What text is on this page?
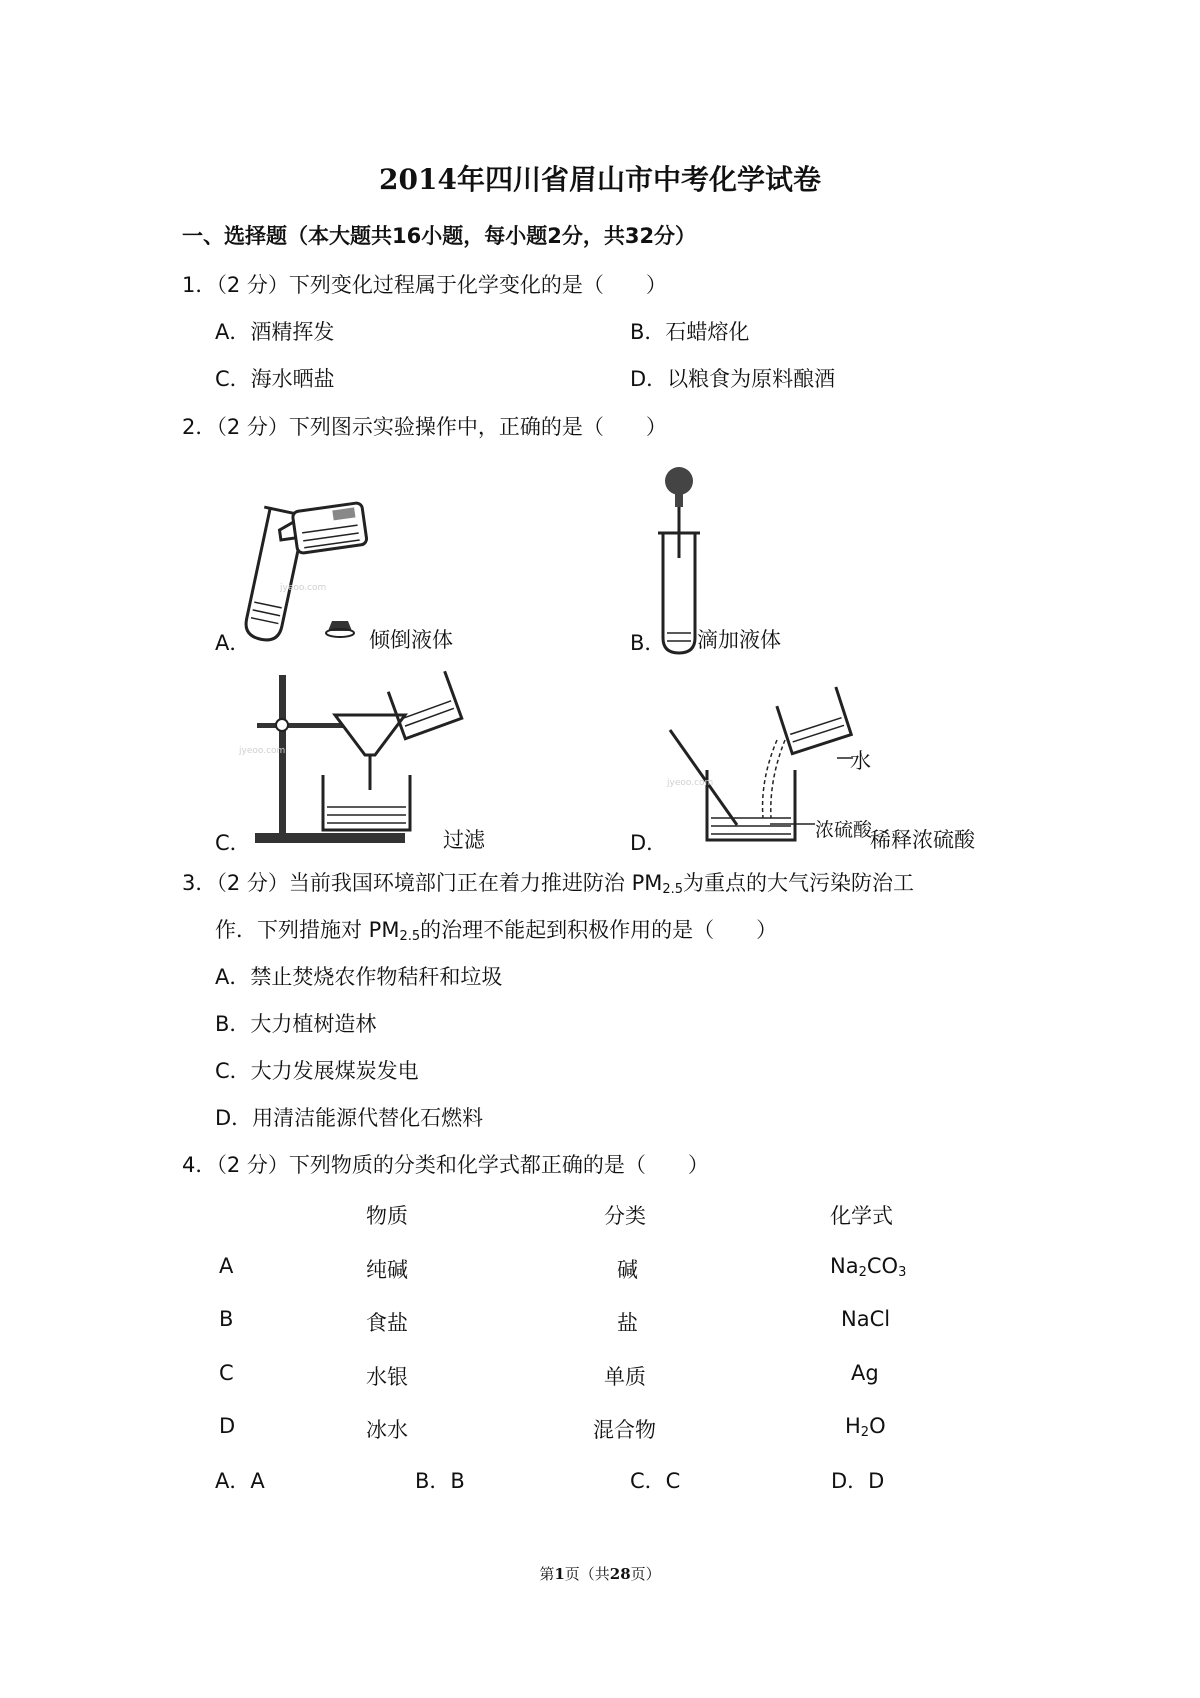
2014年四川省眉山市中考化学试卷
一、选择题（本大题共16小题，每小题2分，共32分）
1．（2 分）下列变化过程属于化学变化的是（　　）
A．酒精挥发	B．石蜡熔化
C．海水晒盐	D．以粮食为原料酿酒
2．（2 分）下列图示实验操作中，正确的是（　　）
jyeoo.com
A．	倾倒液体	B． 滴加液体
jyeoo.com
C．	过滤
jyeoo.com
水
浓硫酸
D．	稀释浓硫酸
3．（2 分）当前我国环境部门正在着力推进防治 $PM_{2.5}$为重点的大气污染防治工
作．下列措施对 $PM_{2.5}$的治理不能起到积极作用的是（　　）
A．禁止焚烧农作物秸秆和垃圾
B．大力植树造林
C．大力发展煤炭发电
D．用清洁能源代替化石燃料
4．（2 分）下列物质的分类和化学式都正确的是（　　）
物质	分类	化学式
A	纯碱	碱	$Na_2CO_3$
B	食盐	盐	NaCl
C	水银	单质	Ag
D	冰水	混合物	$H_2O$
A．A	B．B	C．C	D．D
第1页（共28页）
